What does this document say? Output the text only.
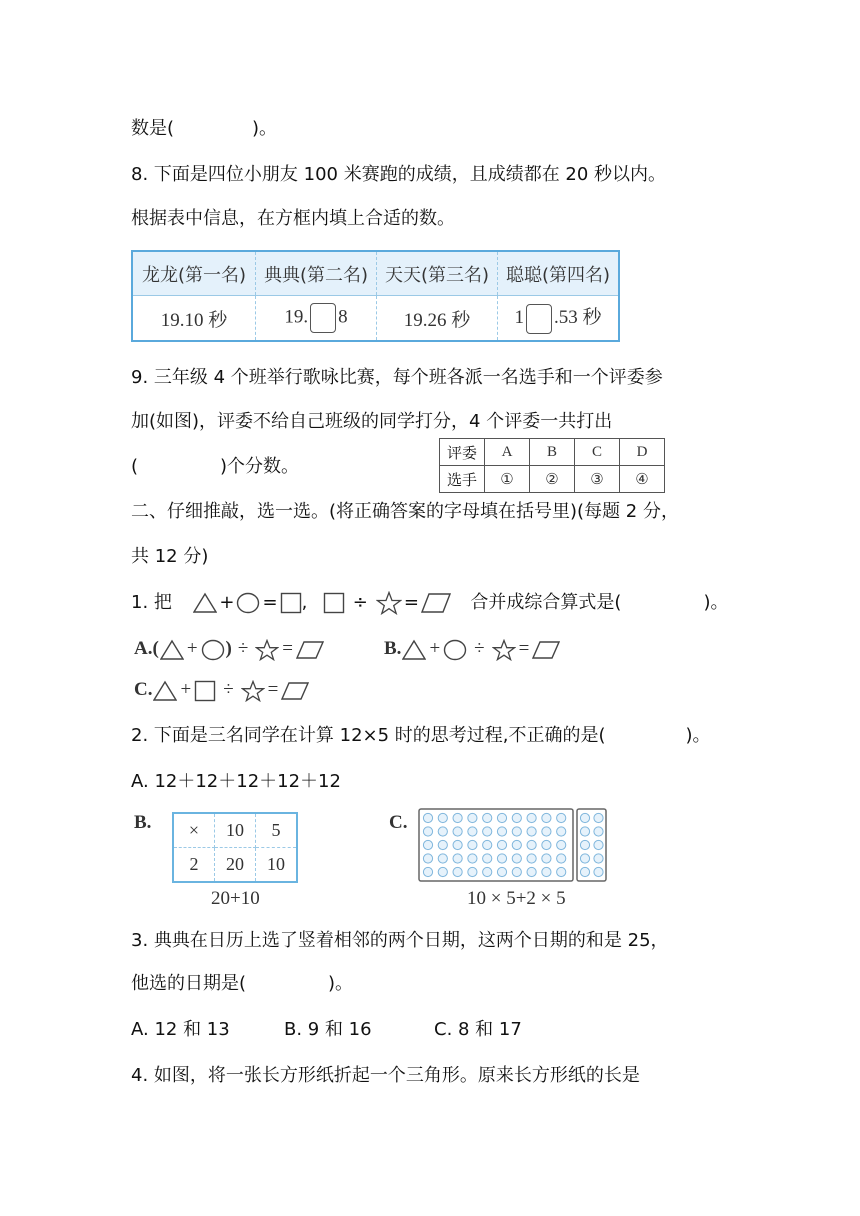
数是(	)。
8. 下面是四位小朋友 100 米赛跑的成绩，且成绩都在 20 秒以内。
根据表中信息，在方框内填上合适的数。
龙龙(第一名)	典典(第二名)	天天(第三名)	聪聪(第四名)
19.10 秒	19. 8	19.26 秒	1 .53 秒
9. 三年级 4 个班举行歌咏比赛，每个班各派一名选手和一个评委参
加(如图)，评委不给自己班级的同学打分，4 个评委一共打出
(	)个分数。
评委	A	B	C	D
选手	①	②	③	④
二、仔细推敲，选一选。(将正确答案的字母填在括号里)(每题 2 分，
共 12 分)
1. 把	+ = ,	÷ =	合并成综合算式是(	)。
A.( + ) ÷ =	B. + ÷ =
C. + ÷ =
2. 下面是三名同学在计算 12×5 时的思考过程,不正确的是(	)。
A. 12＋12＋12＋12＋12
B. ×	10	5
2	20	10
20+10
C.
10 × 5+2 × 5
3. 典典在日历上选了竖着相邻的两个日期，这两个日期的和是 25，
他选的日期是(	)。
A. 12 和 13	B. 9 和 16	C. 8 和 17
4. 如图，将一张长方形纸折起一个三角形。原来长方形纸的长是
